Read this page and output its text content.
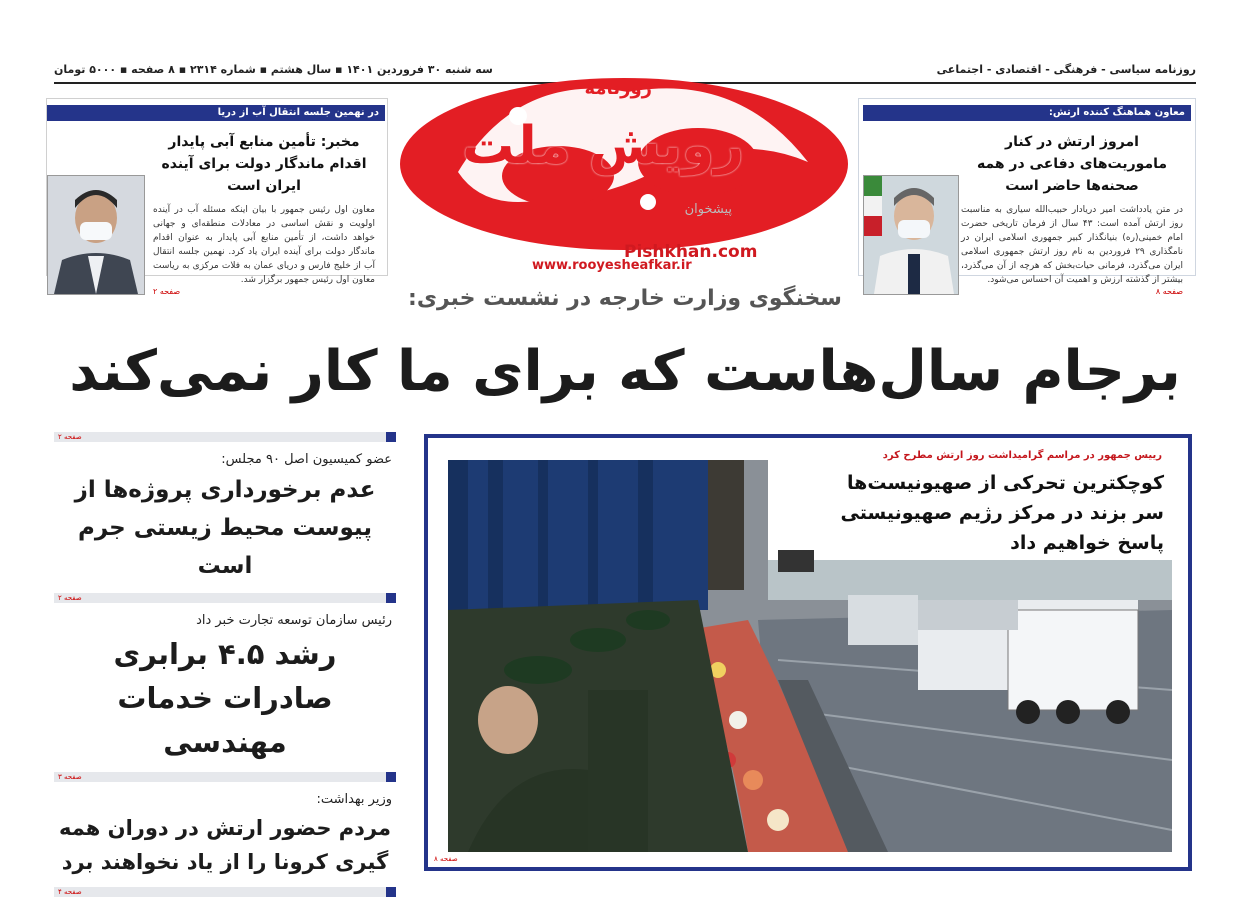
روزنامه سیاسی - فرهنگی - اقتصادی - اجتماعی
سه شنبه ۳۰ فروردین ۱۴۰۱ ▪ سال هشتم ▪ شماره ۲۳۱۴ ▪ ۸ صفحه ▪ ۵۰۰۰ تومان
معاون هماهنگ کننده ارتش:
امروز ارتش در کنار ماموریت‌های دفاعی در همه صحنه‌ها حاضر است
در متن یادداشت امیر دریادار حبیب‌الله سیاری به مناسبت روز ارتش آمده است: ۴۳ سال از فرمان تاریخی حضرت امام خمینی(ره) بنیانگذار کبیر جمهوری اسلامی ایران در نامگذاری ۲۹ فروردین به نام روز ارتش جمهوری اسلامی ایران می‌گذرد، فرمانی حیات‌بخش که هرچه از آن می‌گذرد، بیشتر از گذشته ارزش و اهمیت آن احساس می‌شود.
صفحه ۸
در نهمین جلسه انتقال آب از دریا
مخبر: تأمین منابع آبی پایدار اقدام ماندگار دولت برای آینده ایران است
معاون اول رئیس جمهور با بیان اینکه مسئله آب در آینده اولویت و نقش اساسی در معادلات منطقه‌ای و جهانی خواهد داشت، از تأمین منابع آبی پایدار به عنوان اقدام ماندگار دولت برای آینده ایران یاد کرد. نهمین جلسه انتقال آب از خلیج فارس و دریای عمان به فلات مرکزی به ریاست معاون اول رئیس جمهور برگزار شد.
صفحه ۲
روزنامه
رویش ملت
پیشخوان
Pishkhan.com
www.rooyesheafkar.ir
سخنگوی وزارت خارجه در نشست خبری:
برجام سال‌هاست که برای ما کار نمی‌کند
صفحه ۲
عضو کمیسیون اصل ۹۰ مجلس:
عدم برخورداری پروژه‌ها از پیوست محیط زیستی جرم است
صفحه ۲
رئیس سازمان توسعه تجارت خبر داد
رشد ۴.۵ برابری صادرات خدمات مهندسی
صفحه ۳
وزیر بهداشت:
مردم حضور ارتش در دوران همه گیری کرونا را از یاد نخواهند برد
صفحه ۴
رییس جمهور در مراسم گرامیداشت روز ارتش مطرح کرد
کوچکترین تحرکی از صهیونیست‌ها سر بزند در مرکز رژیم صهیونیستی پاسخ خواهیم داد
صفحه ۸
